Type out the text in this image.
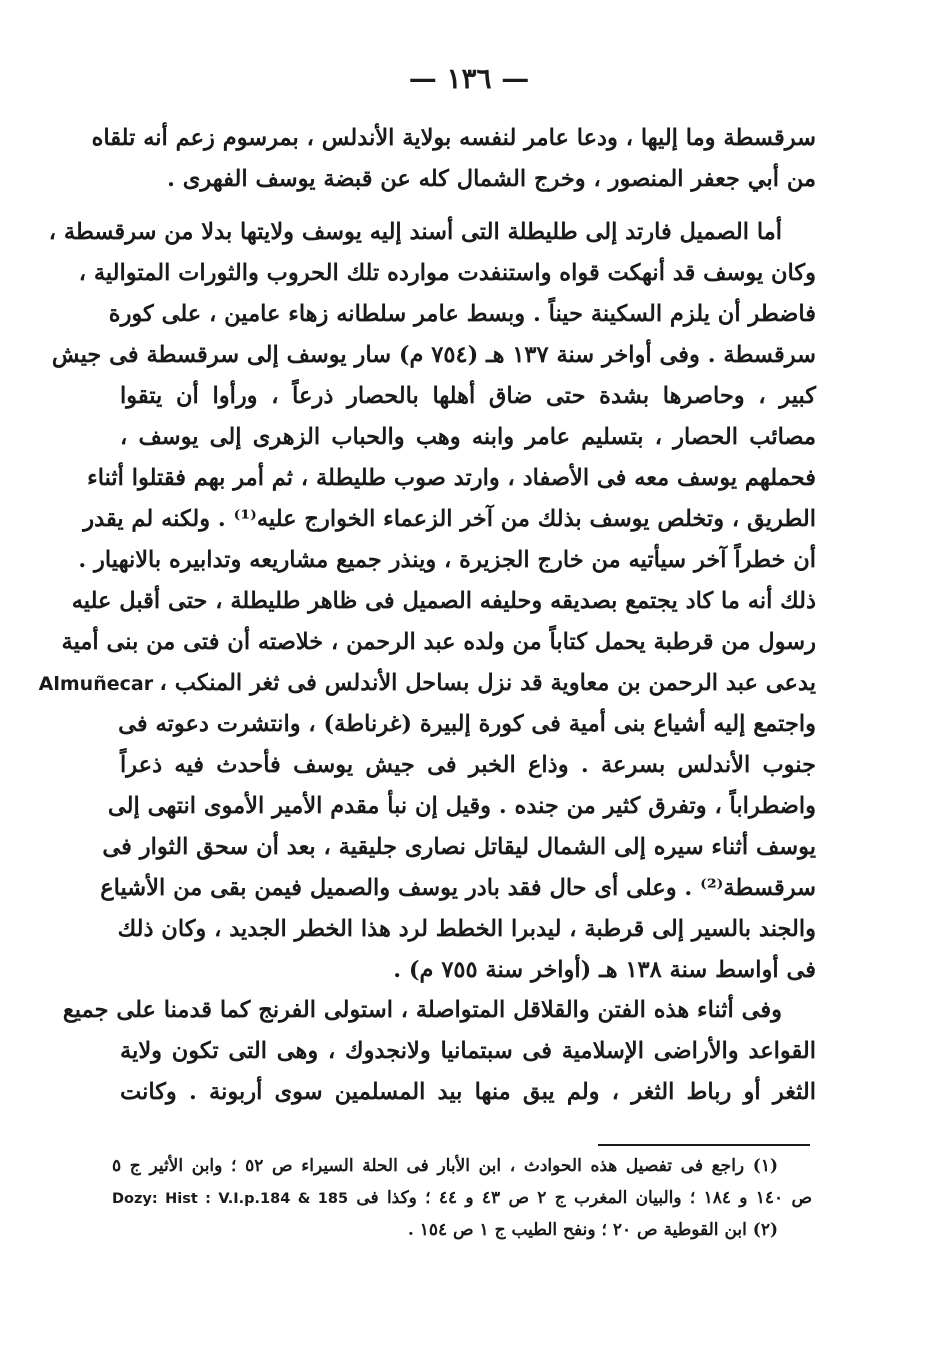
— ١٣٦ —
سرقسطة وما إليها ، ودعا عامر لنفسه بولاية الأندلس ، بمرسوم زعم أنه تلقاه
من أبي جعفر المنصور ، وخرج الشمال كله عن قبضة يوسف الفهرى .
أما الصميل فارتد إلى طليطلة التى أسند إليه يوسف ولايتها بدلا من سرقسطة ،
وكان يوسف قد أنهكت قواه واستنفدت موارده تلك الحروب والثورات المتوالية ،
فاضطر أن يلزم السكينة حيناً . وبسط عامر سلطانه زهاء عامين ، على كورة
سرقسطة . وفى أواخر سنة ١٣٧ هـ (٧٥٤ م) سار يوسف إلى سرقسطة فى جيش
كبير ، وحاصرها بشدة حتى ضاق أهلها بالحصار ذرعاً ، ورأوا أن يتقوا
مصائب الحصار ، بتسليم عامر وابنه وهب والحباب الزهرى إلى يوسف ،
فحملهم يوسف معه فى الأصفاد ، وارتد صوب طليطلة ، ثم أمر بهم فقتلوا أثناء
الطريق ، وتخلص يوسف بذلك من آخر الزعماء الخوارج عليه⁽¹⁾ . ولكنه لم يقدر
أن خطراً آخر سيأتيه من خارج الجزيرة ، وينذر جميع مشاريعه وتدابيره بالانهيار .
ذلك أنه ما كاد يجتمع بصديقه وحليفه الصميل فى ظاهر طليطلة ، حتى أقبل عليه
رسول من قرطبة يحمل كتاباً من ولده عبد الرحمن ، خلاصته أن فتى من بنى أمية
يدعى عبد الرحمن بن معاوية قد نزل بساحل الأندلس فى ثغر المنكب Almuñecar ،
واجتمع إليه أشياع بنى أمية فى كورة إلبيرة (غرناطة) ، وانتشرت دعوته فى
جنوب الأندلس بسرعة . وذاع الخبر فى جيش يوسف فأحدث فيه ذعراً
واضطراباً ، وتفرق كثير من جنده . وقيل إن نبأ مقدم الأمير الأموى انتهى إلى
يوسف أثناء سيره إلى الشمال ليقاتل نصارى جليقية ، بعد أن سحق الثوار فى
سرقسطة⁽²⁾ . وعلى أى حال فقد بادر يوسف والصميل فيمن بقى من الأشياع
والجند بالسير إلى قرطبة ، ليدبرا الخطط لرد هذا الخطر الجديد ، وكان ذلك
فى أواسط سنة ١٣٨ هـ (أواخر سنة ٧٥٥ م) .
وفى أثناء هذه الفتن والقلاقل المتواصلة ، استولى الفرنج كما قدمنا على جميع
القواعد والأراضى الإسلامية فى سبتمانيا ولانجدوك ، وهى التى تكون ولاية
الثغر أو رباط الثغر ، ولم يبق منها بيد المسلمين سوى أربونة . وكانت
(١) راجع فى تفصيل هذه الحوادث ، ابن الأبار فى الحلة السيراء ص ٥٢ ؛ وابن الأثير ج ٥
ص ١٤٠ و ١٨٤ ؛ والبيان المغرب ج ٢ ص ٤٣ و ٤٤ ؛ وكذا فى Dozy: Hist : V.I.p.184 & 185
(٢) ابن القوطية ص ٢٠ ؛ ونفح الطيب ج ١ ص ١٥٤ .
